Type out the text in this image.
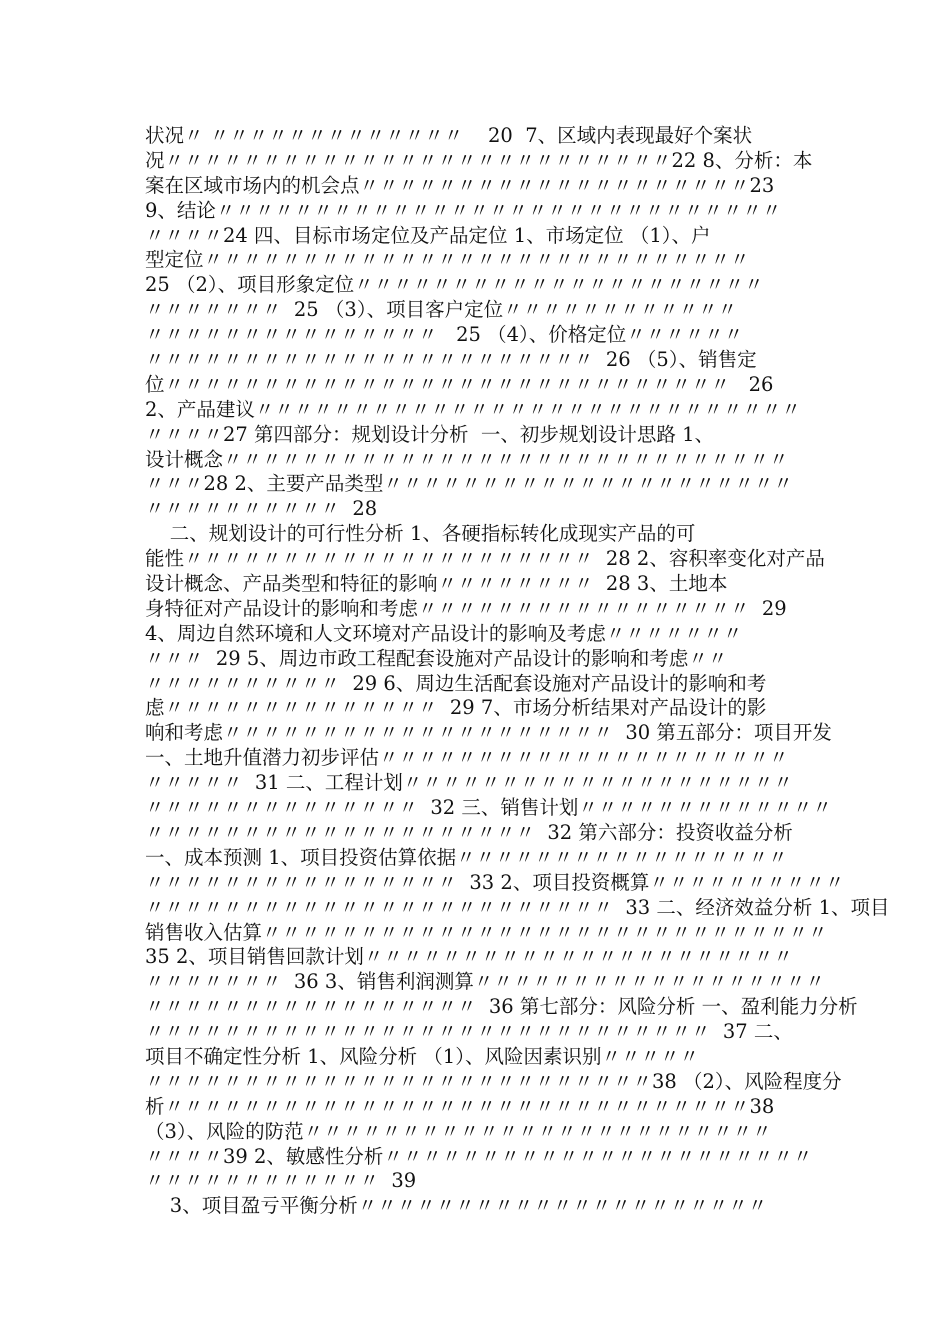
状况〃 〃〃〃〃〃〃〃〃〃〃〃〃〃    20  7、区域内表现最好个案状
况〃〃〃〃〃〃〃〃〃〃〃〃〃〃〃〃〃〃〃〃〃〃〃〃〃〃22 8、分析：本
案在区域市场内的机会点〃〃〃〃〃〃〃〃〃〃〃〃〃〃〃〃〃〃〃〃23
9、结论〃〃〃〃〃〃〃〃〃〃〃〃〃〃〃〃〃〃〃〃〃〃〃〃〃〃〃〃〃
〃〃〃〃24 四、目标市场定位及产品定位 1、市场定位 （1）、户
型定位〃〃〃〃〃〃〃〃〃〃〃〃〃〃〃〃〃〃〃〃〃〃〃〃〃〃〃〃
25 （2）、项目形象定位〃〃〃〃〃〃〃〃〃〃〃〃〃〃〃〃〃〃〃〃〃
〃〃〃〃〃〃〃  25 （3）、项目客户定位〃〃〃〃〃〃〃〃〃〃〃〃
〃〃〃〃〃〃〃〃〃〃〃〃〃〃〃   25 （4）、价格定位〃〃〃〃〃〃
〃〃〃〃〃〃〃〃〃〃〃〃〃〃〃〃〃〃〃〃〃〃〃  26 （5）、销售定
位〃〃〃〃〃〃〃〃〃〃〃〃〃〃〃〃〃〃〃〃〃〃〃〃〃〃〃〃〃   26
2、产品建议〃〃〃〃〃〃〃〃〃〃〃〃〃〃〃〃〃〃〃〃〃〃〃〃〃〃〃〃
〃〃〃〃27 第四部分：规划设计分析  一、初步规划设计思路 1、
设计概念〃〃〃〃〃〃〃〃〃〃〃〃〃〃〃〃〃〃〃〃〃〃〃〃〃〃〃〃〃
〃〃〃28 2、主要产品类型〃〃〃〃〃〃〃〃〃〃〃〃〃〃〃〃〃〃〃〃〃
〃〃〃〃〃〃〃〃〃〃  28
二、规划设计的可行性分析 1、各硬指标转化成现实产品的可
能性〃〃〃〃〃〃〃〃〃〃〃〃〃〃〃〃〃〃〃〃〃  28 2、容积率变化对产品
设计概念、产品类型和特征的影响〃〃〃〃〃〃〃〃  28 3、土地本
身特征对产品设计的影响和考虑〃〃〃〃〃〃〃〃〃〃〃〃〃〃〃〃〃  29
4、周边自然环境和人文环境对产品设计的影响及考虑〃〃〃〃〃〃〃
〃〃〃  29 5、周边市政工程配套设施对产品设计的影响和考虑〃〃
〃〃〃〃〃〃〃〃〃〃  29 6、周边生活配套设施对产品设计的影响和考
虑〃〃〃〃〃〃〃〃〃〃〃〃〃〃  29 7、市场分析结果对产品设计的影
响和考虑〃〃〃〃〃〃〃〃〃〃〃〃〃〃〃〃〃〃〃〃  30 第五部分：项目开发
一、土地升值潜力初步评估〃〃〃〃〃〃〃〃〃〃〃〃〃〃〃〃〃〃〃〃〃
〃〃〃〃〃  31 二、工程计划〃〃〃〃〃〃〃〃〃〃〃〃〃〃〃〃〃〃〃〃
〃〃〃〃〃〃〃〃〃〃〃〃〃〃  32 三、销售计划〃〃〃〃〃〃〃〃〃〃〃〃〃
〃〃〃〃〃〃〃〃〃〃〃〃〃〃〃〃〃〃〃〃  32 第六部分：投资收益分析
一、成本预测 1、项目投资估算依据〃〃〃〃〃〃〃〃〃〃〃〃〃〃〃〃〃
〃〃〃〃〃〃〃〃〃〃〃〃〃〃〃〃  33 2、项目投资概算〃〃〃〃〃〃〃〃〃〃
〃〃〃〃〃〃〃〃〃〃〃〃〃〃〃〃〃〃〃〃〃〃〃〃  33 二、经济效益分析 1、项目
销售收入估算〃〃〃〃〃〃〃〃〃〃〃〃〃〃〃〃〃〃〃〃〃〃〃〃〃〃〃〃〃
35 2、项目销售回款计划〃〃〃〃〃〃〃〃〃〃〃〃〃〃〃〃〃〃〃〃〃〃
〃〃〃〃〃〃〃  36 3、销售利润测算〃〃〃〃〃〃〃〃〃〃〃〃〃〃〃〃〃〃
〃〃〃〃〃〃〃〃〃〃〃〃〃〃〃〃〃  36 第七部分：风险分析 一、盈利能力分析
〃〃〃〃〃〃〃〃〃〃〃〃〃〃〃〃〃〃〃〃〃〃〃〃〃〃〃〃〃  37 二、
项目不确定性分析 1、风险分析 （1）、风险因素识别〃〃〃〃〃
〃〃〃〃〃〃〃〃〃〃〃〃〃〃〃〃〃〃〃〃〃〃〃〃〃〃38 （2）、风险程度分
析〃〃〃〃〃〃〃〃〃〃〃〃〃〃〃〃〃〃〃〃〃〃〃〃〃〃〃〃〃〃38
（3）、风险的防范〃〃〃〃〃〃〃〃〃〃〃〃〃〃〃〃〃〃〃〃〃〃〃〃
〃〃〃〃39 2、敏感性分析〃〃〃〃〃〃〃〃〃〃〃〃〃〃〃〃〃〃〃〃〃〃
〃〃〃〃〃〃〃〃〃〃〃〃  39
3、项目盈亏平衡分析〃〃〃〃〃〃〃〃〃〃〃〃〃〃〃〃〃〃〃〃〃
